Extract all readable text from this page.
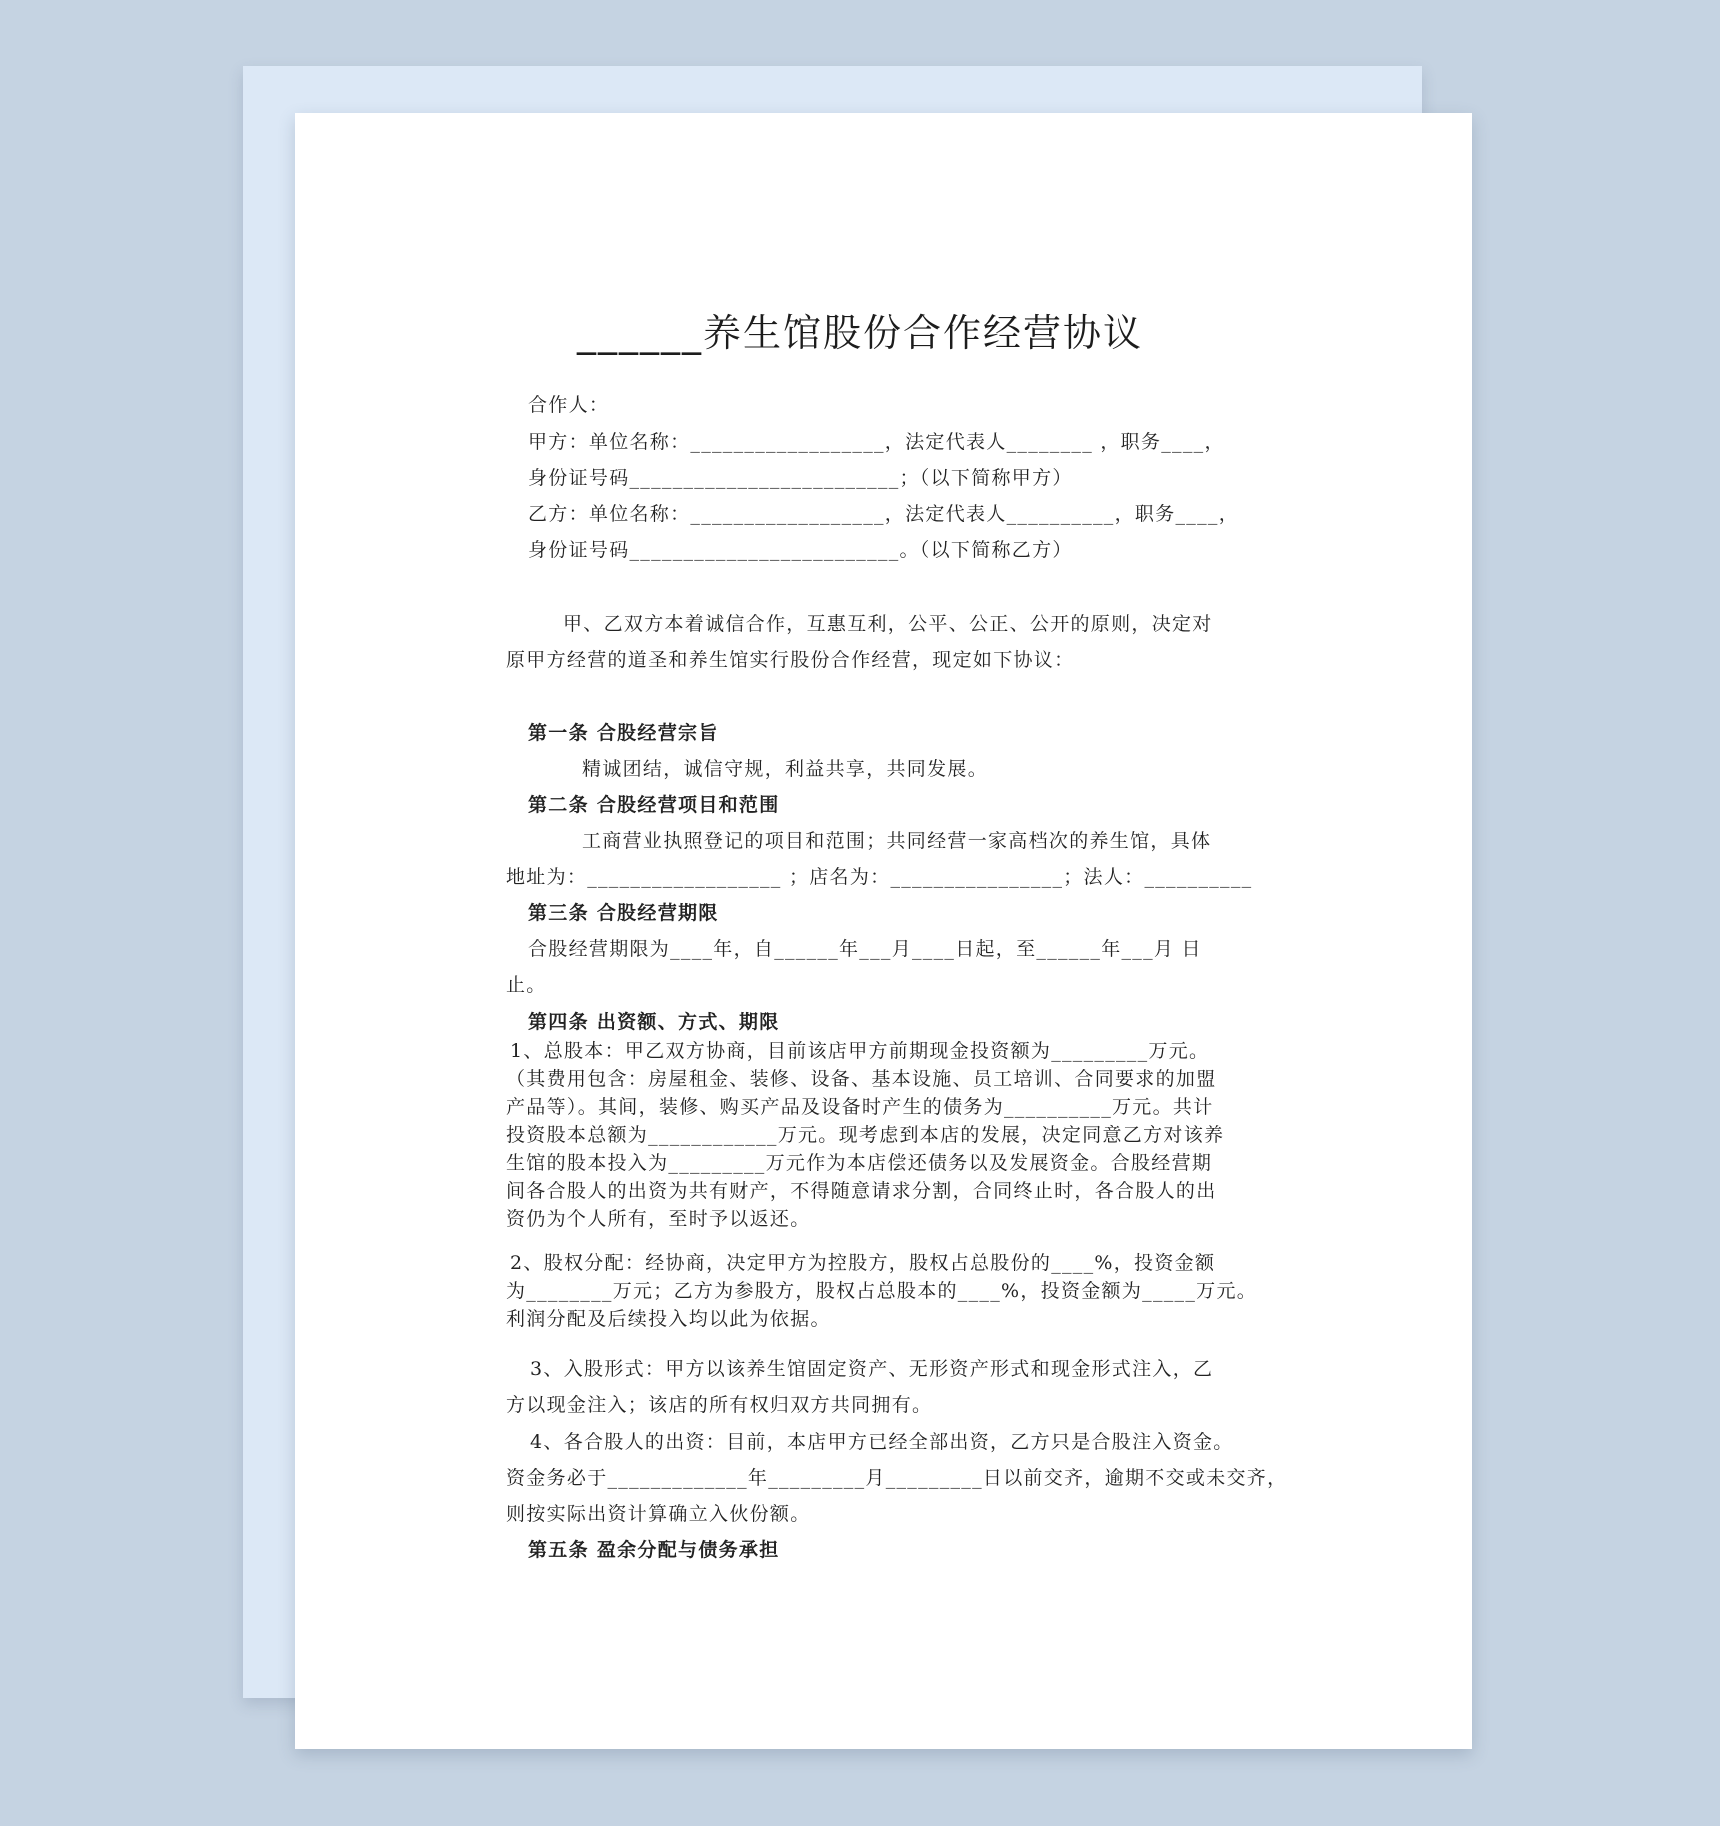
______养生馆股份合作经营协议
合作人：
甲方：单位名称：__________________，法定代表人________ ，职务____，
身份证号码_________________________；（以下简称甲方）
乙方：单位名称：__________________，法定代表人__________，职务____，
身份证号码_________________________。（以下简称乙方）
甲、乙双方本着诚信合作，互惠互利，公平、公正、公开的原则，决定对
原甲方经营的道圣和养生馆实行股份合作经营，现定如下协议：
第一条 合股经营宗旨
精诚团结，诚信守规，利益共享，共同发展。
第二条 合股经营项目和范围
工商营业执照登记的项目和范围；共同经营一家高档次的养生馆，具体
地址为：__________________ ；店名为：________________；法人：__________
第三条 合股经营期限
合股经营期限为____年，自______年___月____日起，至______年___月 日
止。
第四条 出资额、方式、期限
1、总股本：甲乙双方协商，目前该店甲方前期现金投资额为_________万元。
（其费用包含：房屋租金、装修、设备、基本设施、员工培训、合同要求的加盟
产品等）。其间，装修、购买产品及设备时产生的债务为__________万元。共计
投资股本总额为____________万元。现考虑到本店的发展，决定同意乙方对该养
生馆的股本投入为_________万元作为本店偿还债务以及发展资金。合股经营期
间各合股人的出资为共有财产，不得随意请求分割，合同终止时，各合股人的出
资仍为个人所有，至时予以返还。
2、股权分配：经协商，决定甲方为控股方，股权占总股份的____%，投资金额
为________万元；乙方为参股方，股权占总股本的____%，投资金额为_____万元。
利润分配及后续投入均以此为依据。
3、入股形式：甲方以该养生馆固定资产、无形资产形式和现金形式注入，乙
方以现金注入；该店的所有权归双方共同拥有。
4、各合股人的出资：目前，本店甲方已经全部出资，乙方只是合股注入资金。
资金务必于_____________年_________月_________日以前交齐，逾期不交或未交齐，
则按实际出资计算确立入伙份额。
第五条 盈余分配与债务承担
